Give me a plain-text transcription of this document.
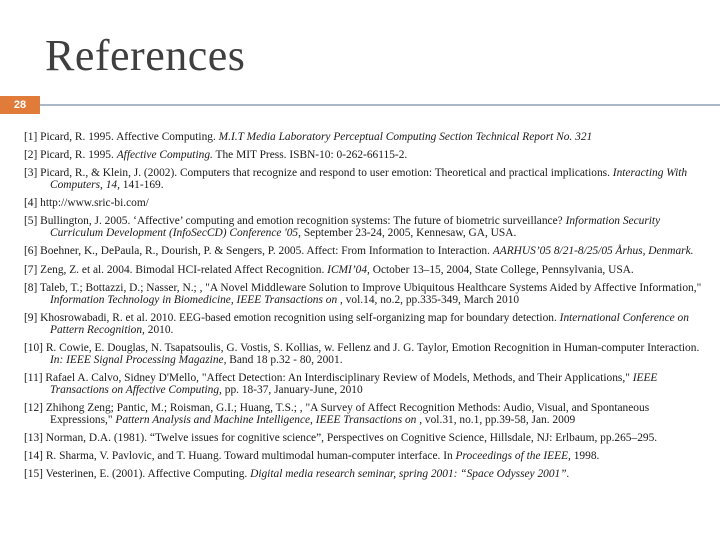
References
28
[1] Picard, R. 1995. Affective Computing. M.I.T Media Laboratory Perceptual Computing Section Technical Report No. 321
[2] Picard, R. 1995. Affective Computing. The MIT Press. ISBN-10: 0-262-66115-2.
[3] Picard, R., & Klein, J. (2002). Computers that recognize and respond to user emotion: Theoretical and practical implications. Interacting With Computers, 14, 141-169.
[4] http://www.sric-bi.com/
[5] Bullington, J. 2005. ‘Affective’ computing and emotion recognition systems: The future of biometric surveillance? Information Security Curriculum Development (InfoSecCD) Conference '05, September 23-24, 2005, Kennesaw, GA, USA.
[6] Boehner, K., DePaula, R., Dourish, P. & Sengers, P. 2005. Affect: From Information to Interaction. AARHUS’05 8/21-8/25/05 Århus, Denmark.
[7] Zeng, Z. et al. 2004. Bimodal HCI-related Affect Recognition. ICMI’04, October 13–15, 2004, State College, Pennsylvania, USA.
[8] Taleb, T.; Bottazzi, D.; Nasser, N.; , "A Novel Middleware Solution to Improve Ubiquitous Healthcare Systems Aided by Affective Information," Information Technology in Biomedicine, IEEE Transactions on , vol.14, no.2, pp.335-349, March 2010
[9] Khosrowabadi, R. et al. 2010. EEG-based emotion recognition using self-organizing map for boundary detection. International Conference on Pattern Recognition, 2010.
[10] R. Cowie, E. Douglas, N. Tsapatsoulis, G. Vostis, S. Kollias, w. Fellenz and J. G. Taylor, Emotion Recognition in Human-computer Interaction. In: IEEE Signal Processing Magazine, Band 18 p.32 - 80, 2001.
[11] Rafael A. Calvo, Sidney D'Mello, "Affect Detection: An Interdisciplinary Review of Models, Methods, and Their Applications," IEEE Transactions on Affective Computing, pp. 18-37, January-June, 2010
[12] Zhihong Zeng; Pantic, M.; Roisman, G.I.; Huang, T.S.; , "A Survey of Affect Recognition Methods: Audio, Visual, and Spontaneous Expressions," Pattern Analysis and Machine Intelligence, IEEE Transactions on , vol.31, no.1, pp.39-58, Jan. 2009
[13] Norman, D.A. (1981). “Twelve issues for cognitive science”, Perspectives on Cognitive Science, Hillsdale, NJ: Erlbaum, pp.265–295.
[14] R. Sharma, V. Pavlovic, and T. Huang. Toward multimodal human-computer interface. In Proceedings of the IEEE, 1998.
[15] Vesterinen, E. (2001). Affective Computing. Digital media research seminar, spring 2001: “Space Odyssey 2001”.
